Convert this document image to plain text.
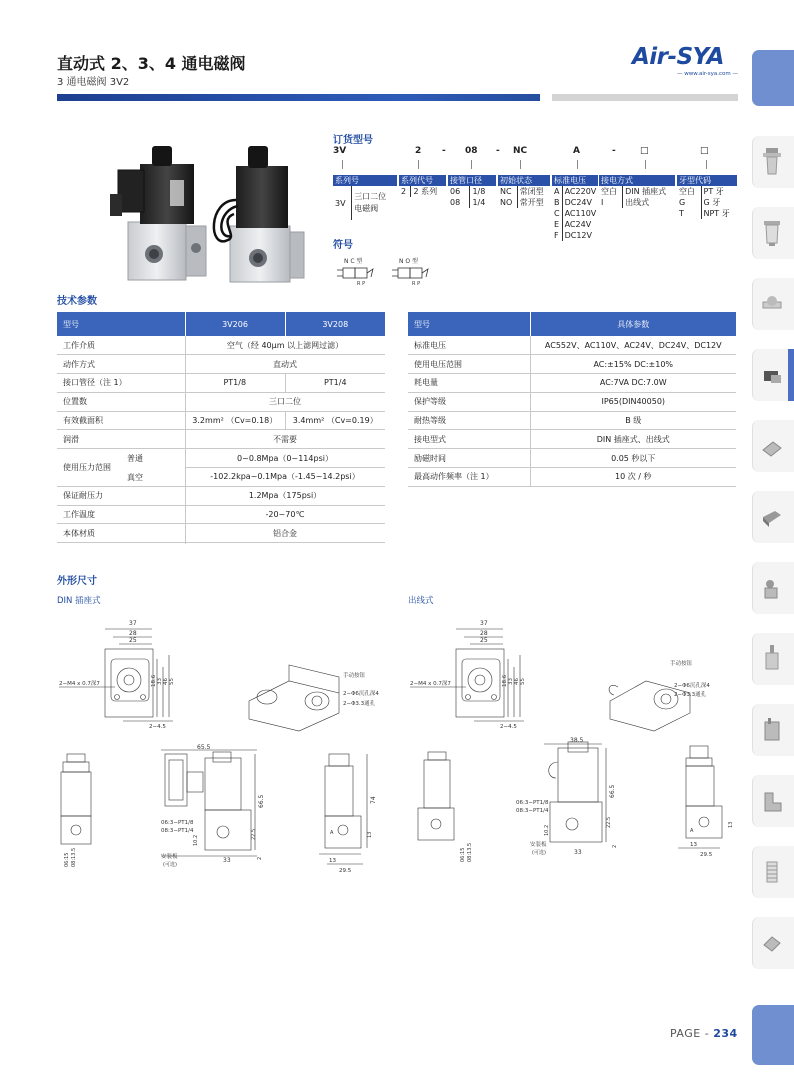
直动式 2、3、4 通电磁阀
3 通电磁阀 3V2
Air-SYA
— www.air-sya.com —
订货型号
3V	2 - 08 - NC	A	-	□	□
系列号
3V	
三口二位
电磁阀
系列代号
2	2 系列
接管口径	
06	1/8
08	1/4
初始状态	
NC	常闭型
NO	常开型
标准电压	
A	AC220V
B	DC24V
C	AC110V
E	AC24V
F	DC12V
接电方式	
空白	DIN 插座式
I	出线式
牙型代码	
空白	PT 牙
G	G 牙
T	NPT 牙
符号
N C 型	N O 型
R P	R P
技术参数
型号	3V206	3V208
工作介质	空气（经 40μm 以上滤网过滤）	
动作方式	直动式	
接口管径（注 1）	PT1/8	PT1/4
位置数	三口二位	
有效截面积	3.2mm² （Cv=0.18）	3.4mm² （Cv=0.19）
润滑	不需要	
使用压力范围	普通 0~0.8Mpa（0~114psi）	

	真空 -102.2kpa~0.1Mpa（-1.45~14.2psi）	
保证耐压力	1.2Mpa（175psi）	
工作温度	-20~70℃	
本体材质	铝合金	
型号	具体参数
标准电压	AC552V、AC110V、AC24V、DC24V、DC12V
使用电压范围	AC:±15% DC:±10%
耗电量	AC:7VA DC:7.0W
保护等级	IP65(DIN40050)
耐热等级	B 级
接电型式	DIN 插座式、出线式
励磁时间	0.05 秒以下
最高动作频率（注 1）	10 次 / 秒
外形尺寸
DIN 插座式	出线式
37
28
25
2−M4 x 0.7深7	18.6 33 46 55
2−4.5
手动按钮
2−Φ6沉孔深4
2−Φ3.3通孔
37
28
25
2−M4 x 0.7深7	18.6 33 46 55
2−4.5
手动按钮
2−Φ6沉孔深4
2−Φ3.3通孔
06:15 08:13.5
65.5
66.5
06:3−PT1/8
08:3−PT1/4
10.2
22.5
安装板
(可选)
33	2
74
A	13
13
29.5
06:15 08:13.5
38.5
66.5
06:3−PT1/8
08:3−PT1/4
10.2
22.5
安装板
(可选)	33
2
A
13
13
29.5
PAGE - 234
